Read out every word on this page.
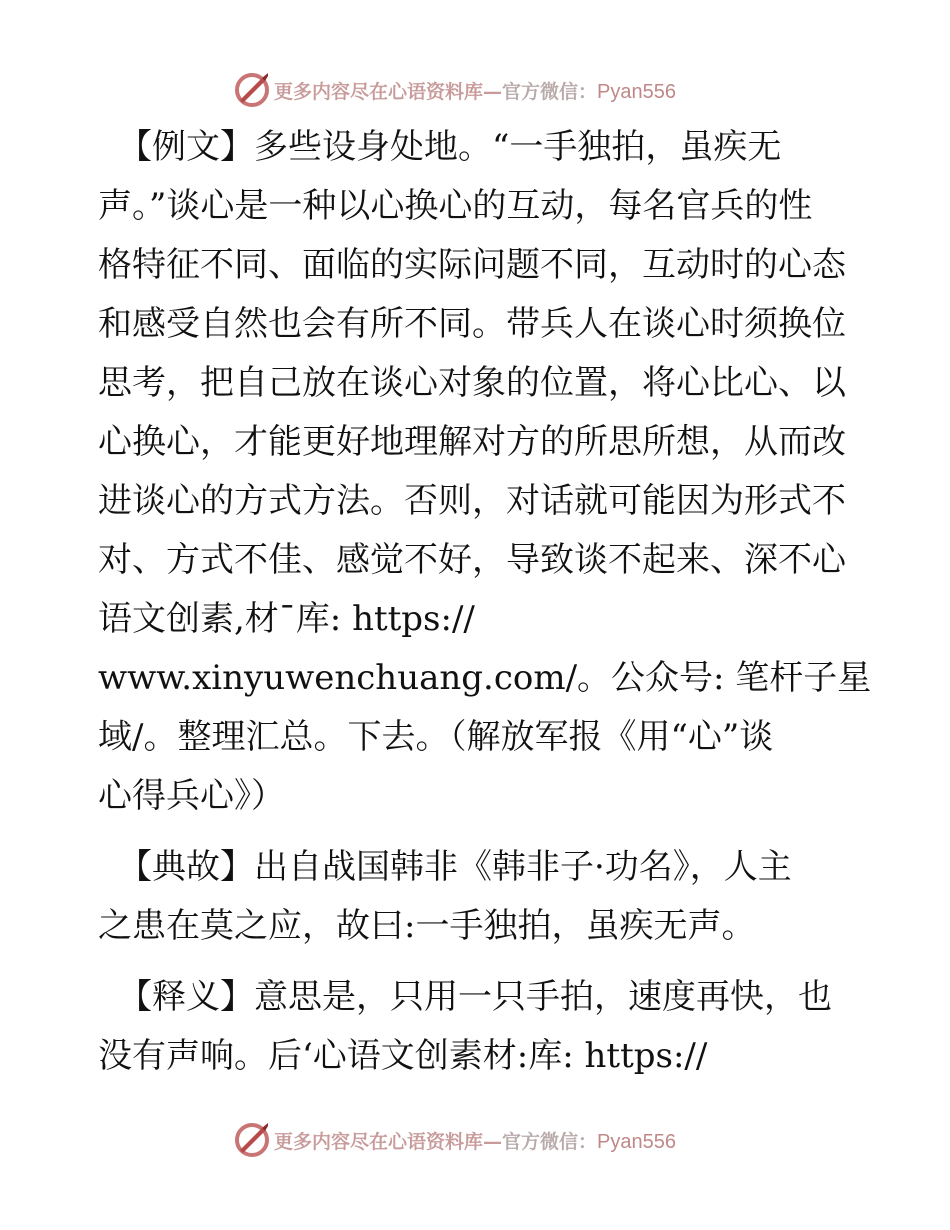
更多内容尽在心语资料库—官方微信：Pyan556
【例文】多些设身处地。“一手独拍，虽疾无
声。”谈心是一种以心换心的互动，每名官兵的性
格特征不同、面临的实际问题不同，互动时的心态
和感受自然也会有所不同。带兵人在谈心时须换位
思考，把自己放在谈心对象的位置，将心比心、以
心换心，才能更好地理解对方的所思所想，从而改
进谈心的方式方法。否则，对话就可能因为形式不
对、方式不佳、感觉不好，导致谈不起来、深不心
语文创素,材¯库: https://
www.xinyuwenchuang.com/。公众号: 笔杆子星
域/。整理汇总。下去。（解放军报《用“心”谈
心得兵心》）
【典故】出自战国韩非《韩非子·功名》，人主
之患在莫之应，故曰:一手独拍，虽疾无声。
【释义】意思是，只用一只手拍，速度再快，也
没有声响。后‘心语文创素材:库: https://
更多内容尽在心语资料库—官方微信：Pyan556
